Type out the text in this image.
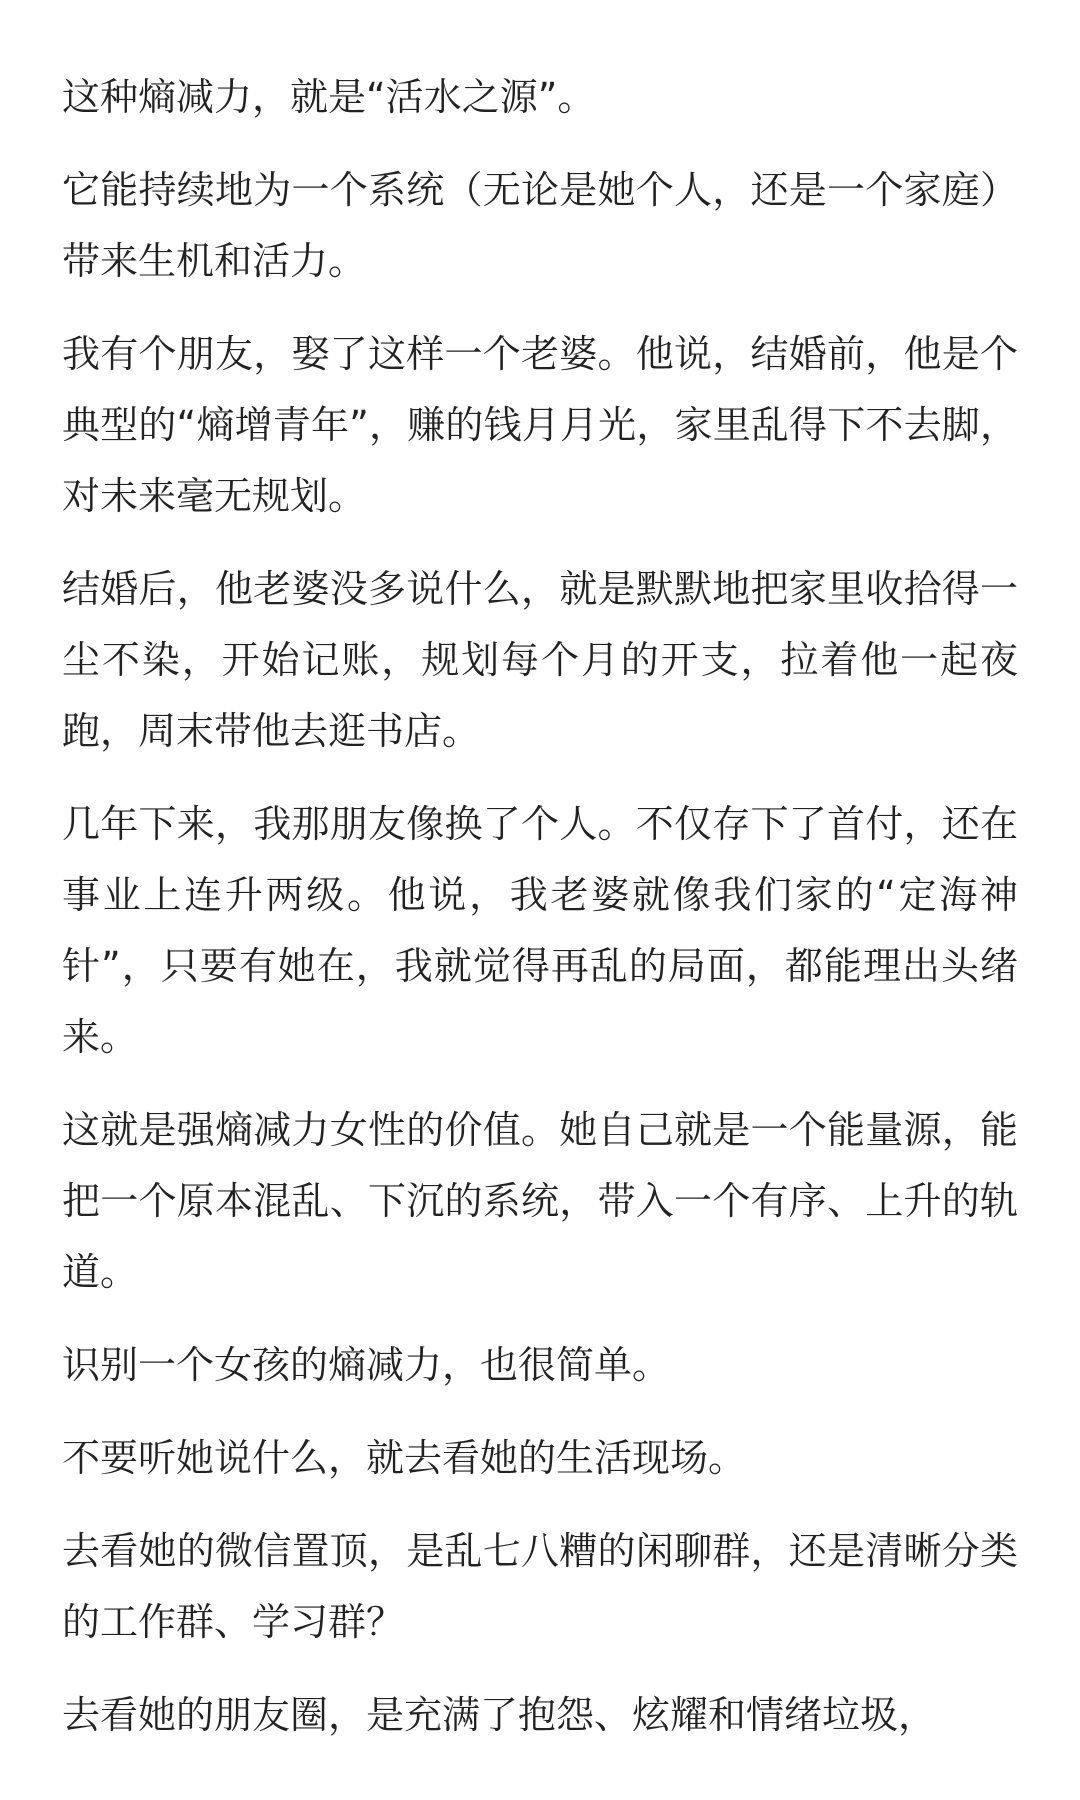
这种熵减力，就是“活水之源”。

它能持续地为一个系统（无论是她个人，还是一个家庭）带来生机和活力。

我有个朋友，娶了这样一个老婆。他说，结婚前，他是个典型的“熵增青年”，赚的钱月月光，家里乱得下不去脚，对未来毫无规划。

结婚后，他老婆没多说什么，就是默默地把家里收拾得一尘不染，开始记账，规划每个月的开支，拉着他一起夜跑，周末带他去逛书店。

几年下来，我那朋友像换了个人。不仅存下了首付，还在事业上连升两级。他说，我老婆就像我们家的“定海神针”，只要有她在，我就觉得再乱的局面，都能理出头绪来。

这就是强熵减力女性的价值。她自己就是一个能量源，能把一个原本混乱、下沉的系统，带入一个有序、上升的轨道。

识别一个女孩的熵减力，也很简单。

不要听她说什么，就去看她的生活现场。

去看她的微信置顶，是乱七八糟的闲聊群，还是清晰分类的工作群、学习群？

去看她的朋友圈，是充满了抱怨、炫耀和情绪垃圾，
